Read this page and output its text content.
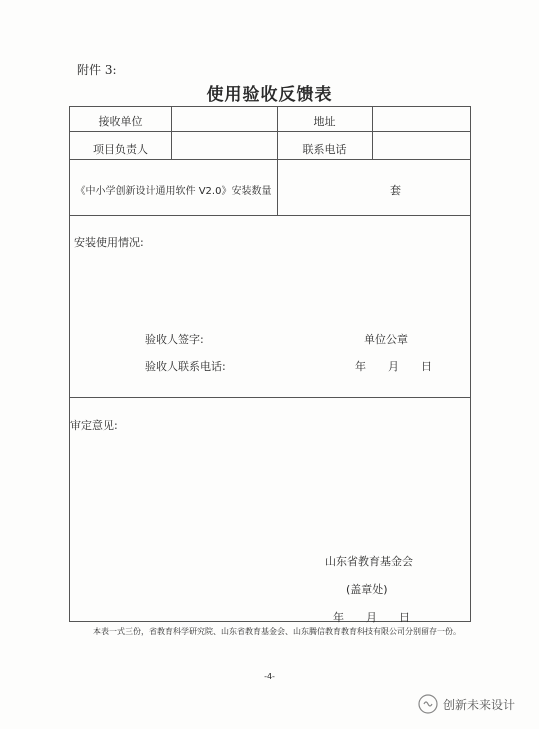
附件 3:
使用验收反馈表
接收单位	地址
项目负责人	联系电话
《中小学创新设计通用软件 V2.0》安装数量	套
安装使用情况:
验收人签字:	单位公章
验收人联系电话:	年　　月　　日
审定意见:
山东省教育基金会
(盖章处)
年　　月　　日
本表一式三份，省教育科学研究院、山东省教育基金会、山东腾信教育教育科技有限公司分别留存一份。
-4-
创新未来设计
